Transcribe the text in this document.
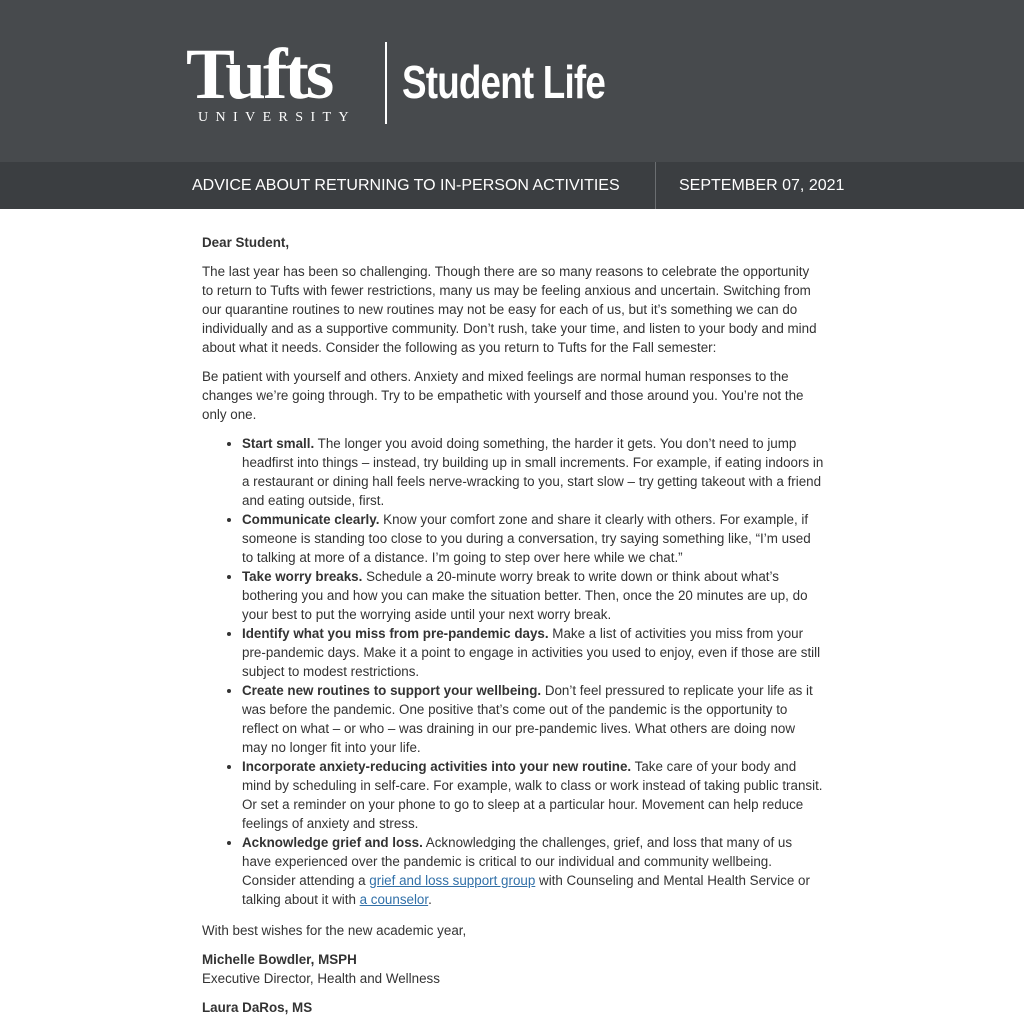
Tufts
UNIVERSITY
Student Life
ADVICE ABOUT RETURNING TO IN-PERSON ACTIVITIES	SEPTEMBER 07, 2021

Dear Student,

The last year has been so challenging. Though there are so many reasons to celebrate the opportunity to return to Tufts with fewer restrictions, many us may be feeling anxious and uncertain. Switching from our quarantine routines to new routines may not be easy for each of us, but it’s something we can do individually and as a supportive community. Don’t rush, take your time, and listen to your body and mind about what it needs. Consider the following as you return to Tufts for the Fall semester:

Be patient with yourself and others. Anxiety and mixed feelings are normal human responses to the changes we’re going through. Try to be empathetic with yourself and those around you. You’re not the only one.

• Start small. The longer you avoid doing something, the harder it gets. You don’t need to jump headfirst into things – instead, try building up in small increments. For example, if eating indoors in a restaurant or dining hall feels nerve-wracking to you, start slow – try getting takeout with a friend and eating outside, first.
• Communicate clearly. Know your comfort zone and share it clearly with others. For example, if someone is standing too close to you during a conversation, try saying something like, “I’m used to talking at more of a distance. I’m going to step over here while we chat.”
• Take worry breaks. Schedule a 20-minute worry break to write down or think about what’s bothering you and how you can make the situation better. Then, once the 20 minutes are up, do your best to put the worrying aside until your next worry break.
• Identify what you miss from pre-pandemic days. Make a list of activities you miss from your pre-pandemic days. Make it a point to engage in activities you used to enjoy, even if those are still subject to modest restrictions.
• Create new routines to support your wellbeing. Don’t feel pressured to replicate your life as it was before the pandemic. One positive that’s come out of the pandemic is the opportunity to reflect on what – or who – was draining in our pre-pandemic lives. What others are doing now may no longer fit into your life.
• Incorporate anxiety-reducing activities into your new routine. Take care of your body and mind by scheduling in self-care. For example, walk to class or work instead of taking public transit. Or set a reminder on your phone to go to sleep at a particular hour. Movement can help reduce feelings of anxiety and stress.
• Acknowledge grief and loss. Acknowledging the challenges, grief, and loss that many of us have experienced over the pandemic is critical to our individual and community wellbeing. Consider attending a grief and loss support group with Counseling and Mental Health Service or talking about it with a counselor.

With best wishes for the new academic year,

Michelle Bowdler, MSPH
Executive Director, Health and Wellness
Laura DaRos, MS
